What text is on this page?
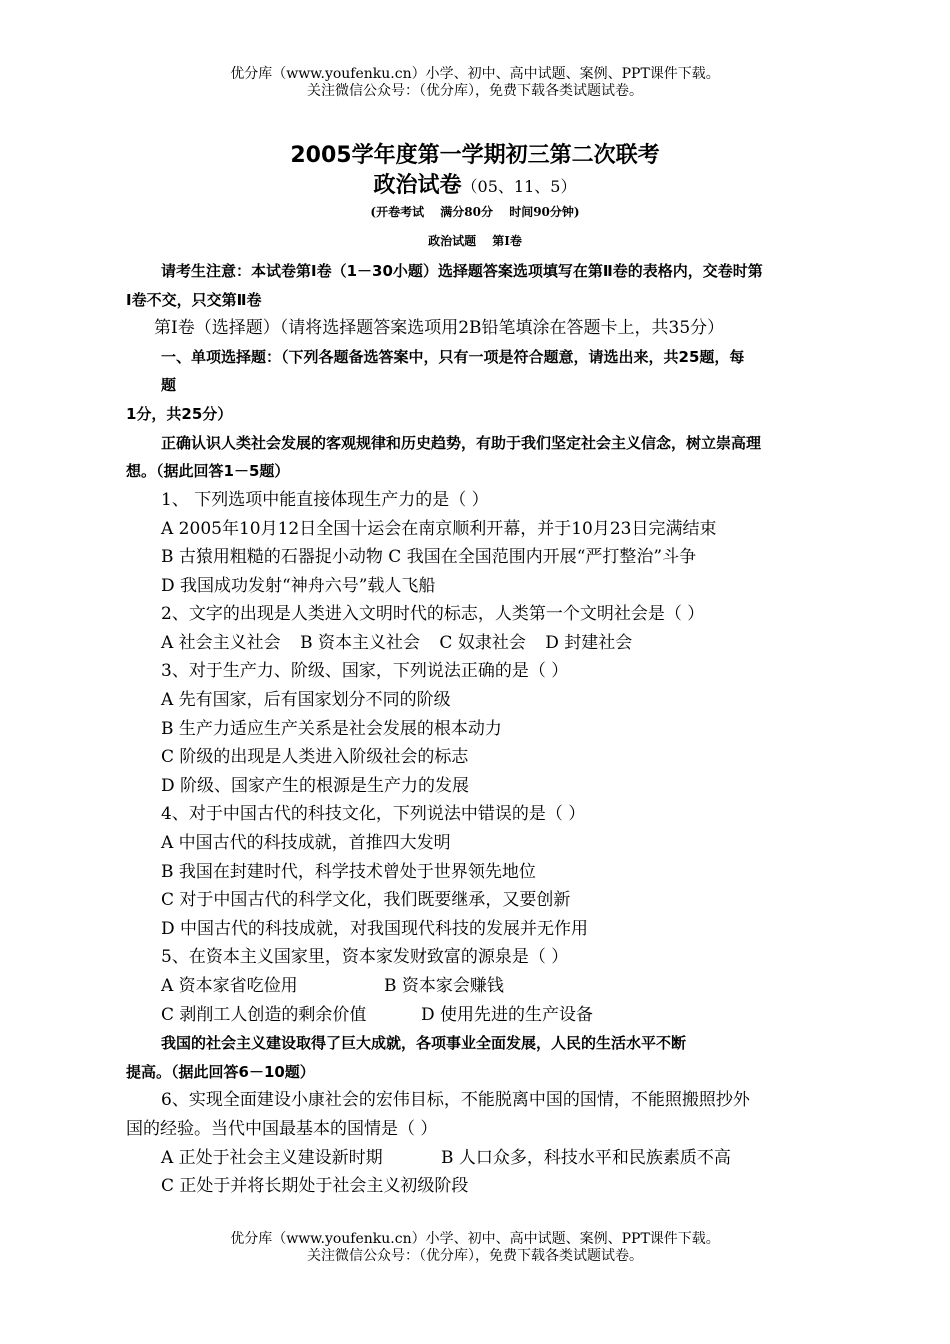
优分库（www.youfenku.cn）小学、初中、高中试题、案例、PPT课件下载。
关注微信公众号：（优分库），免费下载各类试题试卷。
2005学年度第一学期初三第二次联考
政治试卷（05、11、5）
(开卷考试 满分80分 时间90分钟)
政治试题 第Ⅰ卷
请考生注意：本试卷第Ⅰ卷（1－30小题）选择题答案选项填写在第Ⅱ卷的表格内，交卷时第
Ⅰ卷不交，只交第Ⅱ卷
第Ⅰ卷（选择题）（请将选择题答案选项用2B铅笔填涂在答题卡上，共35分）
一、单项选择题：（下列各题备选答案中，只有一项是符合题意，请选出来，共25题，每
题
1分，共25分）
正确认识人类社会发展的客观规律和历史趋势，有助于我们坚定社会主义信念，树立崇高理
想。（据此回答1－5题）
1、 下列选项中能直接体现生产力的是（ ）
A 2005年10月12日全国十运会在南京顺利开幕，并于10月23日完满结束
B 古猿用粗糙的石器捉小动物 C 我国在全国范围内开展“严打整治”斗争
D 我国成功发射“神舟六号”载人飞船
2、文字的出现是人类进入文明时代的标志，人类第一个文明社会是（ ）
A 社会主义社会 B 资本主义社会 C 奴隶社会 D 封建社会
3、对于生产力、阶级、国家，下列说法正确的是（ ）
A 先有国家，后有国家划分不同的阶级
B 生产力适应生产关系是社会发展的根本动力
C 阶级的出现是人类进入阶级社会的标志
D 阶级、国家产生的根源是生产力的发展
4、对于中国古代的科技文化，下列说法中错误的是（ ）
A 中国古代的科技成就，首推四大发明
B 我国在封建时代，科学技术曾处于世界领先地位
C 对于中国古代的科学文化，我们既要继承，又要创新
D 中国古代的科技成就，对我国现代科技的发展并无作用
5、在资本主义国家里，资本家发财致富的源泉是（ ）
A 资本家省吃俭用	B 资本家会赚钱
C 剥削工人创造的剩余价值	D 使用先进的生产设备
我国的社会主义建设取得了巨大成就，各项事业全面发展，人民的生活水平不断
提高。（据此回答6－10题）
6、实现全面建设小康社会的宏伟目标，不能脱离中国的国情，不能照搬照抄外
国的经验。当代中国最基本的国情是（ ）
A 正处于社会主义建设新时期	B 人口众多，科技水平和民族素质不高
C 正处于并将长期处于社会主义初级阶段
优分库（www.youfenku.cn）小学、初中、高中试题、案例、PPT课件下载。
关注微信公众号：（优分库），免费下载各类试题试卷。
